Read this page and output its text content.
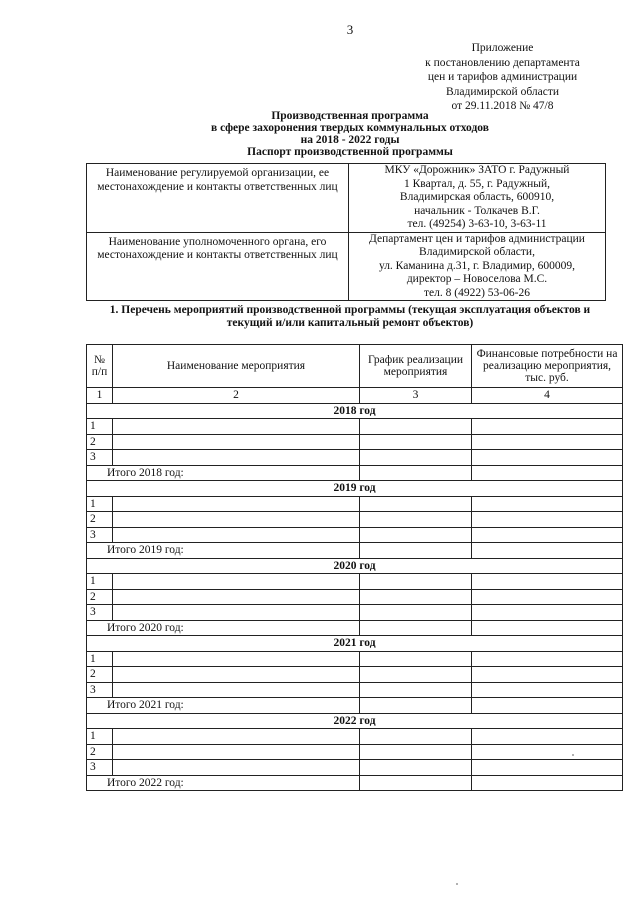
3
Приложение
к постановлению департамента
цен и тарифов администрации
Владимирской области
от 29.11.2018 № 47/8
Производственная программа
в сфере захоронения твердых коммунальных отходов
на 2018 - 2022 годы
Паспорт производственной программы
Наименование регулируемой организации, ее местонахождение и контакты ответственных лиц	МКУ «Дорожник» ЗАТО г. Радужный
1 Квартал, д. 55, г. Радужный,
Владимирская область, 600910,
начальник - Толкачев В.Г.
тел. (49254) 3-63-10, 3-63-11

Наименование уполномоченного органа, его местонахождение и контакты ответственных лиц	Департамент цен и тарифов администрации
Владимирской области,
ул. Каманина д.31, г. Владимир, 600009,
директор – Новоселова М.С.
тел. 8 (4922) 53-06-26
1. Перечень мероприятий производственной программы (текущая эксплуатация объектов и текущий и/или капитальный ремонт объектов)
№ п/п	Наименование мероприятия	График реализации мероприятия	Финансовые потребности на реализацию мероприятия, тыс. руб.
1	2	3	4
2018 год			
1			
2			
3			
Итого 2018 год:			
2019 год			
1			
2			
3			
Итого 2019 год:			
2020 год			
1			
2			
3			
Итого 2020 год:			
2021 год			
1			
2			
3			
Итого 2021 год:			
2022 год			
1			
2			
3			
Итого 2022 год:			
